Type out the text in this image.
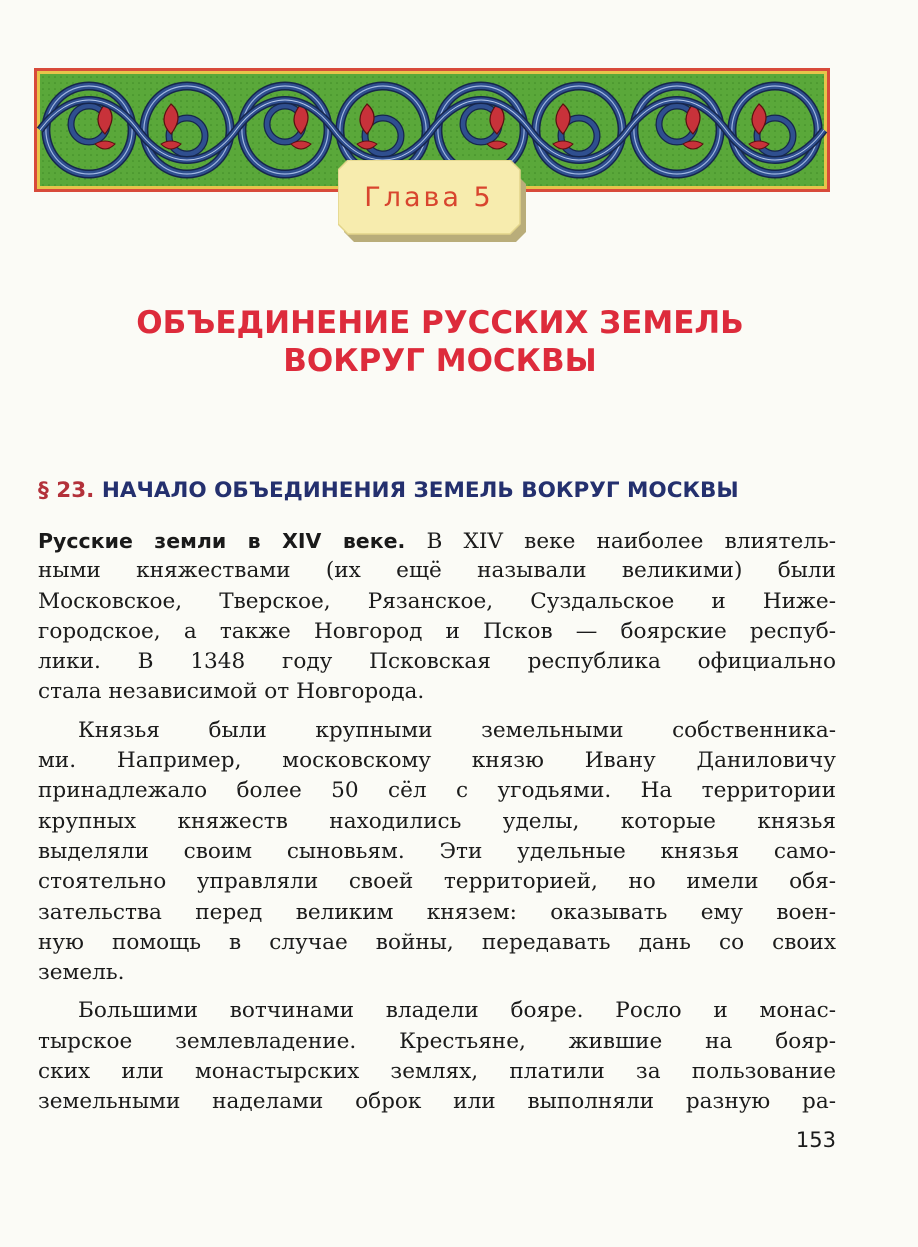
Глава 5
ОБЪЕДИНЕНИЕ РУССКИХ ЗЕМЕЛЬ
ВОКРУГ МОСКВЫ
§ 23. НАЧАЛО ОБЪЕДИНЕНИЯ ЗЕМЕЛЬ ВОКРУГ МОСКВЫ
Русские земли в XIV веке. В XIV веке наиболее влиятель-
ными княжествами (их ещё называли великими) были
Московское, Тверское, Рязанское, Суздальское и Ниже-
городское, а также Новгород и Псков — боярские респуб-
лики. В 1348 году Псковская республика официально
стала независимой от Новгорода.
Князья были крупными земельными собственника-
ми. Например, московскому князю Ивану Даниловичу
принадлежало более 50 сёл с угодьями. На территории
крупных княжеств находились уделы, которые князья
выделяли своим сыновьям. Эти удельные князья само-
стоятельно управляли своей территорией, но имели обя-
зательства перед великим князем: оказывать ему воен-
ную помощь в случае войны, передавать дань со своих
земель.
Большими вотчинами владели бояре. Росло и монас-
тырское землевладение. Крестьяне, жившие на бояр-
ских или монастырских землях, платили за пользование
земельными наделами оброк или выполняли разную ра-
153
